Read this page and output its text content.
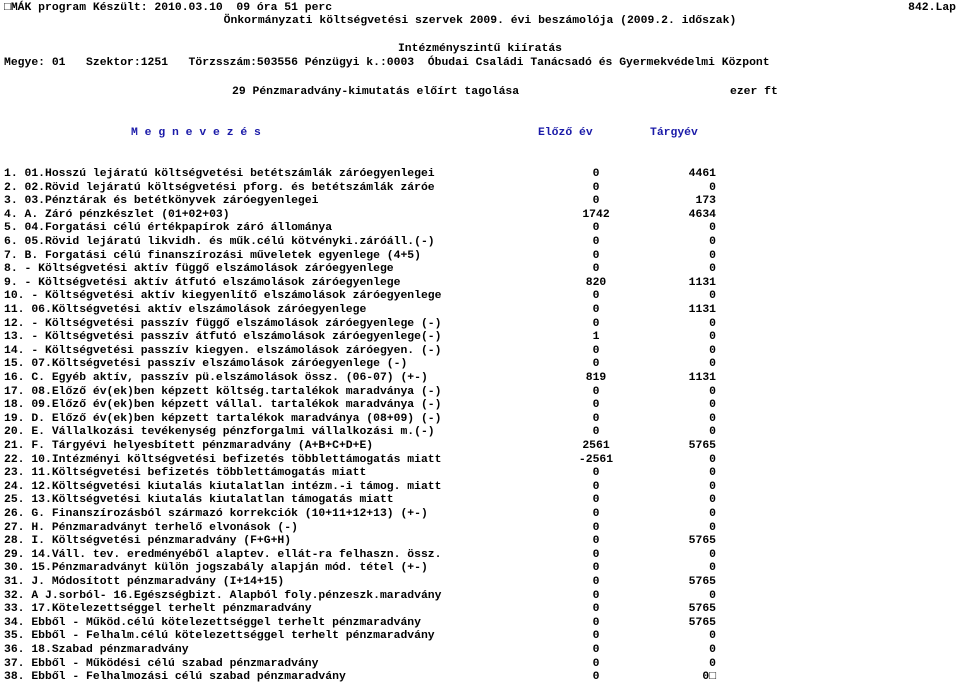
□MÁK program Készült: 2010.03.10  09 óra 51 perc	842.Lap
Önkormányzati költségvetési szervek 2009. évi beszámolója (2009.2. időszak)
Intézményszintű kiíratás
Megye: 01   Szektor:1251   Törzsszám:503556 Pénzügyi k.:0003  Óbudai Családi Tanácsadó és Gyermekvédelmi Központ
29 Pénzmaradvány-kimutatás előírt tagolása	ezer ft
M e g n e v e z é s	Előző év	Tárgyév
1. 01.Hosszú lejáratú költségvetési betétszámlák záróegyenlegei	0	4461
2. 02.Rövid lejáratú költségvetési pforg. és betétszámlák záróe	0	0
3. 03.Pénztárak és betétkönyvek záróegyenlegei	0	173
4. A. Záró pénzkészlet (01+02+03)	1742	4634
5. 04.Forgatási célú értékpapírok záró állománya	0	0
6. 05.Rövid lejáratú likvidh. és műk.célú kötvényki.záróáll.(-)	0	0
7. B. Forgatási célú finanszírozási műveletek egyenlege (4+5)	0	0
8. - Költségvetési aktív függő elszámolások záróegyenlege	0	0
9. - Költségvetési aktív átfutó elszámolások záróegyenlege	820	1131
10. - Költségvetési aktív kiegyenlítő elszámolások záróegyenlege	0	0
11. 06.Költségvetési aktív elszámolások záróegyenlege	0	1131
12. - Költségvetési passzív függő elszámolások záróegyenlege (-)	0	0
13. - Költségvetési passzív átfutó elszámolások záróegyenlege(-)	1	0
14. - Költségvetési passzív kiegyen. elszámolások záróegyen. (-)	0	0
15. 07.Költségvetési passzív elszámolások záróegyenlege (-)	0	0
16. C. Egyéb aktív, passzív pü.elszámolások össz. (06-07) (+-)	819	1131
17. 08.Előző év(ek)ben képzett költség.tartalékok maradványa (-)	0	0
18. 09.Előző év(ek)ben képzett vállal. tartalékok maradványa (-)	0	0
19. D. Előző év(ek)ben képzett tartalékok maradványa (08+09) (-)	0	0
20. E. Vállalkozási tevékenység pénzforgalmi vállalkozási m.(-)	0	0
21. F. Tárgyévi helyesbített pénzmaradvány (A+B+C+D+E)	2561	5765
22. 10.Intézményi költségvetési befizetés többlettámogatás miatt	-2561	0
23. 11.Költségvetési befizetés többlettámogatás miatt	0	0
24. 12.Költségvetési kiutalás kiutalatlan intézm.-i támog. miatt	0	0
25. 13.Költségvetési kiutalás kiutalatlan támogatás miatt	0	0
26. G. Finanszírozásból származó korrekciók (10+11+12+13) (+-)	0	0
27. H. Pénzmaradványt terhelő elvonások (-)	0	0
28. I. Költségvetési pénzmaradvány (F+G+H)	0	5765
29. 14.Váll. tev. eredményéből alaptev. ellát-ra felhaszn. össz.	0	0
30. 15.Pénzmaradványt külön jogszabály alapján mód. tétel (+-)	0	0
31. J. Módosított pénzmaradvány (I+14+15)	0	5765
32. A J.sorból- 16.Egészségbizt. Alapból foly.pénzeszk.maradvány	0	0
33. 17.Kötelezettséggel terhelt pénzmaradvány	0	5765
34. Ebből - Működ.célú kötelezettséggel terhelt pénzmaradvány	0	5765
35. Ebből - Felhalm.célú kötelezettséggel terhelt pénzmaradvány	0	0
36. 18.Szabad pénzmaradvány	0	0
37. Ebből - Működési célú szabad pénzmaradvány	0	0
38. Ebből - Felhalmozási célú szabad pénzmaradvány	0	0□
